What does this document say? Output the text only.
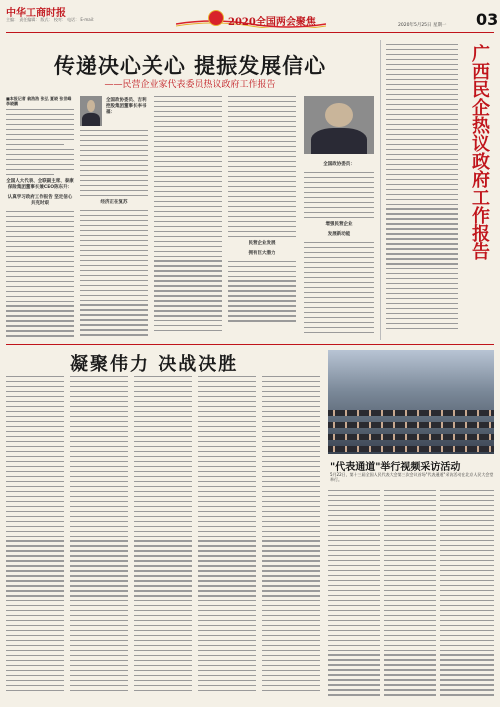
中华工商时报
主编： 责任编辑： 版式： 校对： 电话： E-mail：	2020全国两会聚焦	2020年5月25日 星期一 03
传递决心关心 提振发展信心
——民营企业家代表委员热议政府工作报告
■本报记者 翁浩浩 张弘 夏晓 张世峰 李晓鹏
全国人大代表、全联副主席、泰康保险集团董事长兼CEO陈东升：
认真学习政府工作报告 坚定信心共克时艰
全国政协委员、吉利控股集团董事长李书福：
经济正在复苏
民营企业发展
拥有巨大潜力
全国政协委员：
增强民营企业
发展新动能	广西民企热议政府工作报告
凝聚伟力 决战决胜
"代表通道"举行视频采访活动
5月22日，第十三届全国人民代表大会第三次会议首场"代表通道"采访活动在北京人民大会堂举行。
